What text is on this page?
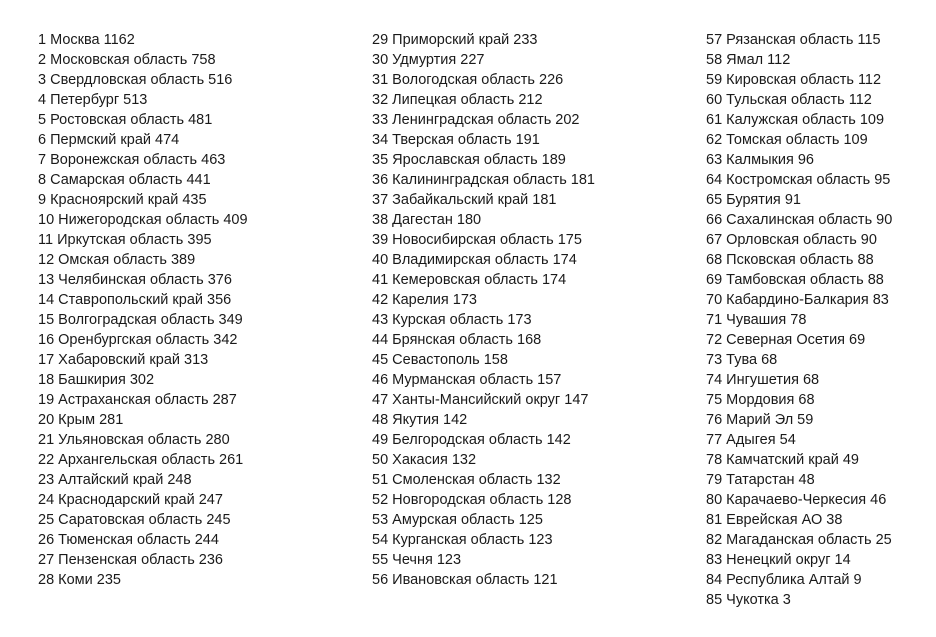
1 Москва 1162
2 Московская область 758
3 Свердловская область 516
4 Петербург 513
5 Ростовская область 481
6 Пермский край 474
7 Воронежская область 463
8 Самарская область 441
9 Красноярский край 435
10 Нижегородская область 409
11 Иркутская область 395
12 Омская область 389
13 Челябинская область 376
14 Ставропольский край 356
15 Волгоградская область 349
16 Оренбургская область 342
17 Хабаровский край 313
18 Башкирия 302
19 Астраханская область 287
20 Крым 281
21 Ульяновская область 280
22 Архангельская область 261
23 Алтайский край 248
24 Краснодарский край 247
25 Саратовская область 245
26 Тюменская область 244
27 Пензенская область 236
28 Коми 235
29 Приморский край 233
30 Удмуртия 227
31 Вологодская область 226
32 Липецкая область 212
33 Ленинградская область 202
34 Тверская область 191
35 Ярославская область 189
36 Калининградская область 181
37 Забайкальский край 181
38 Дагестан 180
39 Новосибирская область 175
40 Владимирская область 174
41 Кемеровская область 174
42 Карелия 173
43 Курская область 173
44 Брянская область 168
45 Севастополь 158
46 Мурманская область 157
47 Ханты-Мансийский округ 147
48 Якутия 142
49 Белгородская область 142
50 Хакасия 132
51 Смоленская область 132
52 Новгородская область 128
53 Амурская область 125
54 Курганская область 123
55 Чечня 123
56 Ивановская область 121
57 Рязанская область 115
58 Ямал 112
59 Кировская область 112
60 Тульская область 112
61 Калужская область 109
62 Томская область 109
63 Калмыкия 96
64 Костромская область 95
65 Бурятия 91
66 Сахалинская область 90
67 Орловская область 90
68 Псковская область 88
69 Тамбовская область 88
70 Кабардино-Балкария 83
71 Чувашия 78
72 Северная Осетия 69
73 Тува 68
74 Ингушетия 68
75 Мордовия 68
76 Марий Эл 59
77 Адыгея 54
78 Камчатский край 49
79 Татарстан 48
80 Карачаево-Черкесия 46
81 Еврейская АО 38
82 Магаданская область 25
83 Ненецкий округ 14
84 Республика Алтай 9
85 Чукотка 3
